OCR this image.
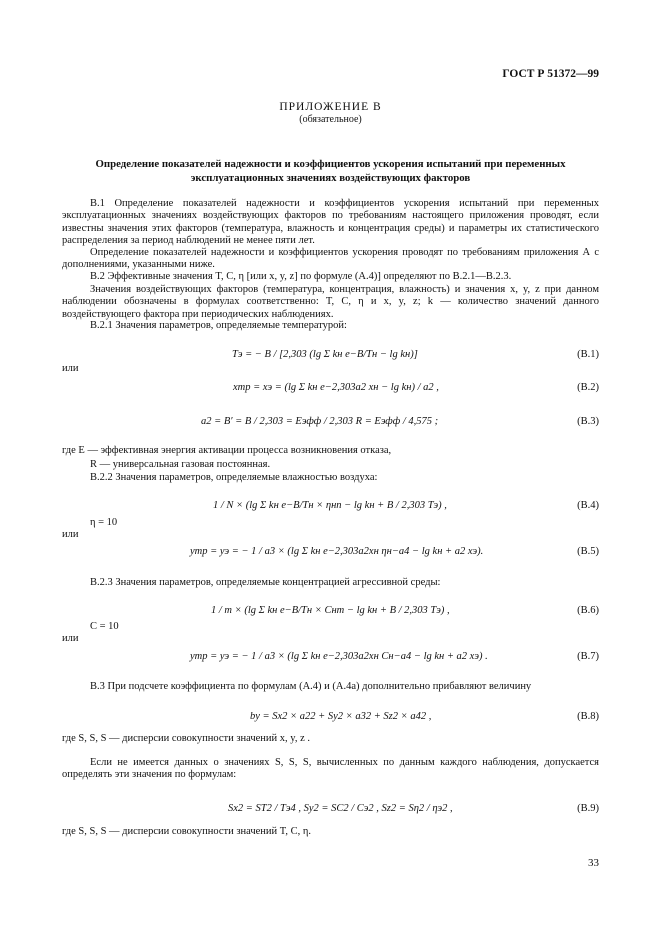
ГОСТ Р 51372—99
ПРИЛОЖЕНИЕ В
(обязательное)
Определение показателей надежности и коэффициентов ускорения испытаний при переменных
эксплуатационных значениях воздействующих факторов
В.1 Определение показателей надежности и коэффициентов ускорения испытаний при переменных эксплуатационных значениях воздействующих факторов по требованиям настоящего приложения проводят, если известны значения этих факторов (температура, влажность и концентрация среды) и параметры их статистического распределения за период наблюдений не менее пяти лет.
Определение показателей надежности и коэффициентов ускорения проводят по требованиям приложения А с дополнениями, указанными ниже.
В.2 Эффективные значения T, C, η [или x, y, z] по формуле (А.4)] определяют по В.2.1—В.2.3.
Значения воздействующих факторов (температура, концентрация, влажность) и значения x, y, z при данном наблюдении обозначены в формулах соответственно: T, C, η и x, y, z; k — количество значений данного воздействующего фактора при периодических наблюдениях.
В.2.1 Значения параметров, определяемые температурой:
Tэ = − B / [2,303 (lg Σ kн e−B/Tн − lg kн)]	(В.1)
или
xтр = xэ = (lg Σ kн e−2,303a2 xн − lg kн) / a2 ,	(В.2)
a2 = B′ = B / 2,303 = Eэфф / 2,303 R = Eэфф / 4,575 ;	(В.3)
где E — эффективная энергия активации процесса возникновения отказа,
R — универсальная газовая постоянная.
В.2.2 Значения параметров, определяемые влажностью воздуха:
1 / N × (lg Σ kн e−B/Tн × ηнn − lg kн + B / 2,303 Tэ) ,	(В.4)
η = 10
или
yтр = yэ = − 1 / a3 × (lg Σ kн e−2,303a2xн ηн−a4 − lg kн + a2 xэ).	(В.5)
В.2.3 Значения параметров, определяемые концентрацией агрессивной среды:
1 / m × (lg Σ kн e−B/Tн × Cнm − lg kн + B / 2,303 Tэ) ,	(В.6)
C = 10
или
yтр = yэ = − 1 / a3 × (lg Σ kн e−2,303a2xн Cн−a4 − lg kн + a2 xэ) .	(В.7)
В.3 При подсчете коэффициента по формулам (А.4) и (А.4а) дополнительно прибавляют величину
by = Sx2 × a22 + Sy2 × a32 + Sz2 × a42 ,	(В.8)
где S, S, S — дисперсии совокупности значений x, y, z .
Если не имеется данных о значениях S, S, S, вычисленных по данным каждого наблюдения, допускается определять эти значения по формулам:
Sx2 = ST2 / Tэ4 , Sy2 = SC2 / Cэ2 , Sz2 = Sη2 / ηэ2 ,	(В.9)
где S, S, S — дисперсии совокупности значений T, C, η.
33
